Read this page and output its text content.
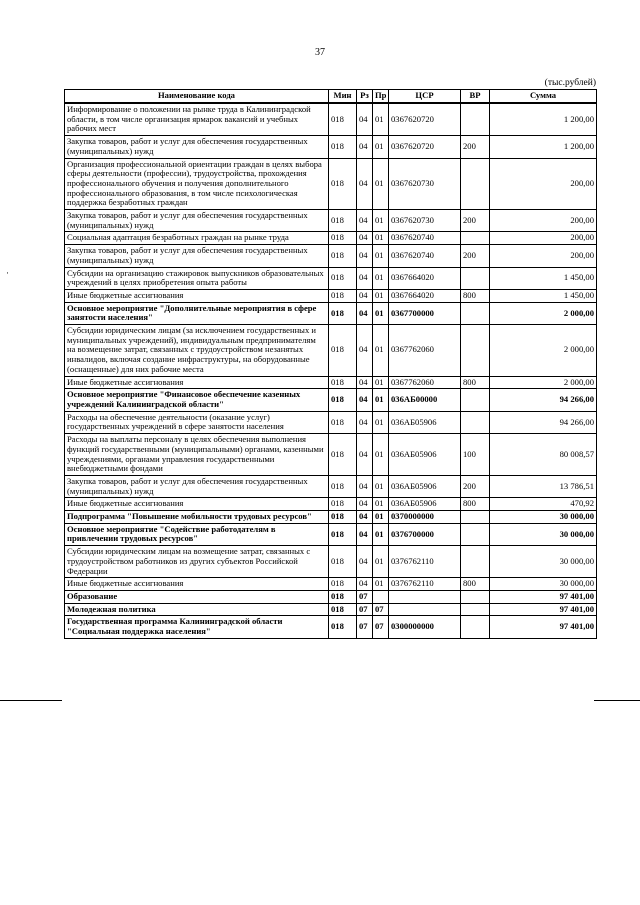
37
(тыс.рублей)
·
Наименование кода	Мин	Рз	Пр	ЦСР	ВР	Сумма
Информирование о положении на рынке труда в Калининградской области, в том числе организация ярмарок вакансий и учебных рабочих мест	018	04	01	0367620720		1 200,00
Закупка товаров, работ и услуг для обеспечения государственных (муниципальных) нужд	018	04	01	0367620720	200	1 200,00
Организация профессиональной ориентации граждан в целях выбора сферы деятельности (профессии), трудоустройства, прохождения профессионального обучения и получения дополнительного профессионального образования, в том числе психологическая поддержка безработных граждан	018	04	01	0367620730		200,00
Закупка товаров, работ и услуг для обеспечения государственных (муниципальных) нужд	018	04	01	0367620730	200	200,00
Социальная адаптация безработных граждан на рынке труда	018	04	01	0367620740		200,00
Закупка товаров, работ и услуг для обеспечения государственных (муниципальных) нужд	018	04	01	0367620740	200	200,00
Субсидии на организацию стажировок выпускников образовательных учреждений в целях приобретения опыта работы	018	04	01	0367664020		1 450,00
Иные бюджетные ассигнования	018	04	01	0367664020	800	1 450,00
Основное мероприятие "Дополнительные мероприятия в сфере занятости населения"	018	04	01	0367700000		2 000,00
Субсидии юридическим лицам (за исключением государственных и муниципальных учреждений), индивидуальным предпринимателям на возмещение затрат, связанных с трудоустройством незанятых инвалидов, включая создание инфраструктуры, на оборудованные (оснащенные) для них рабочие места	018	04	01	0367762060		2 000,00
Иные бюджетные ассигнования	018	04	01	0367762060	800	2 000,00
Основное мероприятие "Финансовое обеспечение казенных учреждений Калининградской области"	018	04	01	036АБ00000		94 266,00
Расходы на обеспечение деятельности (оказание услуг) государственных учреждений в сфере занятости населения	018	04	01	036АБ05906		94 266,00
Расходы на выплаты персоналу в целях обеспечения выполнения функций государственными (муниципальными) органами, казенными учреждениями, органами управления государственными внебюджетными фондами	018	04	01	036АБ05906	100	80 008,57
Закупка товаров, работ и услуг для обеспечения государственных (муниципальных) нужд	018	04	01	036АБ05906	200	13 786,51
Иные бюджетные ассигнования	018	04	01	036АБ05906	800	470,92
Подпрограмма "Повышение мобильности трудовых ресурсов"	018	04	01	0370000000		30 000,00
Основное мероприятие "Содействие работодателям в привлечении трудовых ресурсов"	018	04	01	0376700000		30 000,00
Субсидии юридическим лицам на возмещение затрат, связанных с трудоустройством работников из других субъектов Российской Федерации	018	04	01	0376762110		30 000,00
Иные бюджетные ассигнования	018	04	01	0376762110	800	30 000,00
Образование	018	07				97 401,00
Молодежная политика	018	07	07			97 401,00
Государственная программа Калининградской области "Социальная поддержка населения"	018	07	07	0300000000		97 401,00
